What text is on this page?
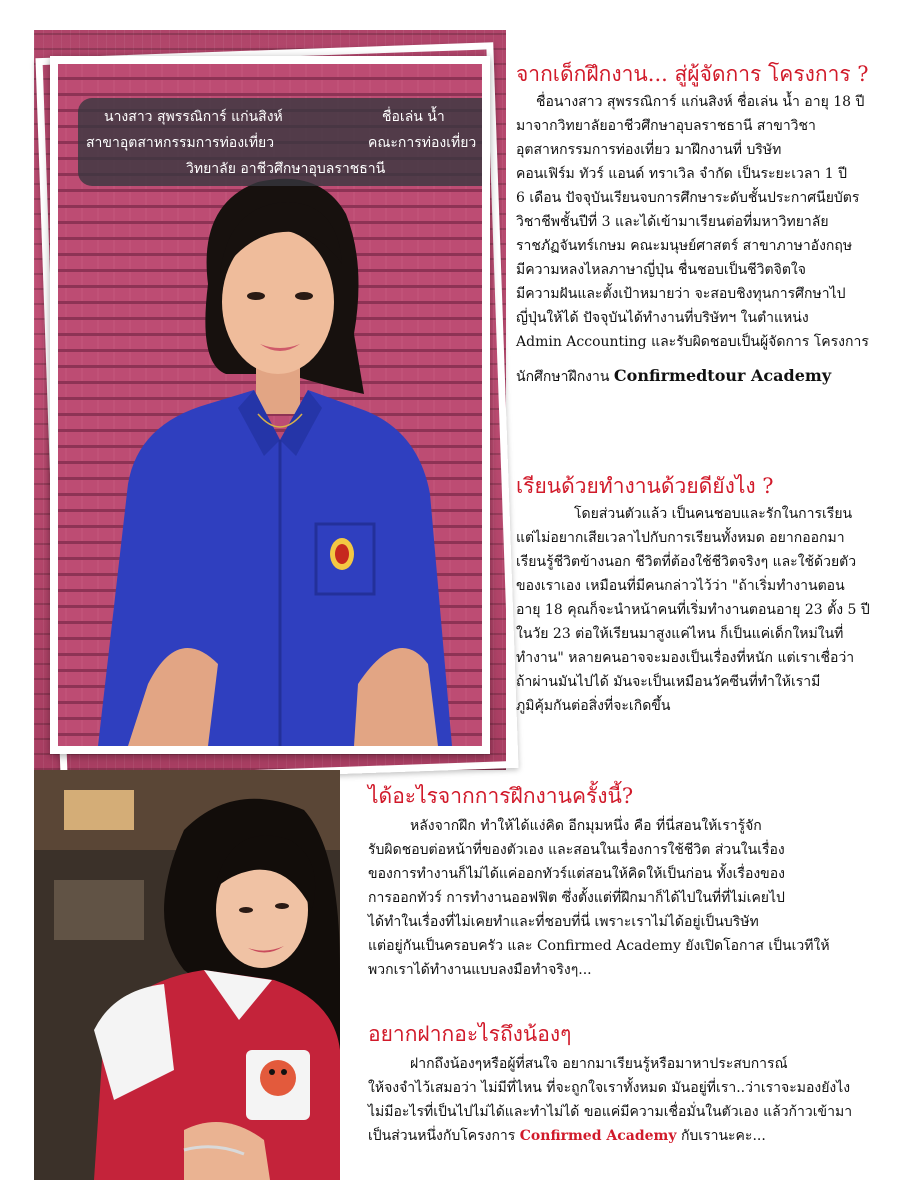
นางสาว สุพรรณิการ์ แก่นสิงห์	ชื่อเล่น น้ำ
สาขาอุตสาหกรรมการท่องเที่ยว	คณะการท่องเที่ยว
วิทยาลัย อาชีวศึกษาอุบลราชธานี
จากเด็กฝึกงาน... สู่ผู้จัดการ โครงการ ?
ชื่อนางสาว สุพรรณิการ์ แก่นสิงห์ ชื่อเล่น น้ำ อายุ 18 ปี
มาจากวิทยาลัยอาชีวศึกษาอุบลราชธานี สาขาวิชา
อุตสาหกรรมการท่องเที่ยว มาฝึกงานที่ บริษัท
คอนเฟิร์ม ทัวร์ แอนด์ ทราเวิล จำกัด เป็นระยะเวลา 1 ปี
6 เดือน ปัจจุบันเรียนจบการศึกษาระดับชั้นประกาศนียบัตร
วิชาชีพชั้นปีที่ 3 และได้เข้ามาเรียนต่อที่มหาวิทยาลัย
ราชภัฏจันทร์เกษม คณะมนุษย์ศาสตร์ สาขาภาษาอังกฤษ
มีความหลงไหลภาษาญี่ปุ่น ชื่นชอบเป็นชีวิตจิตใจ
มีความฝันและตั้งเป้าหมายว่า จะสอบชิงทุนการศึกษาไป
ญี่ปุ่นให้ได้ ปัจจุบันได้ทำงานที่บริษัทฯ ในตำแหน่ง
Admin Accounting และรับผิดชอบเป็นผู้จัดการ โครงการ
นักศึกษาฝึกงาน Confirmedtour Academy
เรียนด้วยทำงานด้วยดียังไง ?
โดยส่วนตัวแล้ว เป็นคนชอบและรักในการเรียน
แต่ไม่อยากเสียเวลาไปกับการเรียนทั้งหมด อยากออกมา
เรียนรู้ชีวิตข้างนอก ชีวิตที่ต้องใช้ชีวิตจริงๆ และใช้ด้วยตัว
ของเราเอง เหมือนที่มีคนกล่าวไว้ว่า "ถ้าเริ่มทำงานตอน
อายุ 18 คุณก็จะนำหน้าคนที่เริ่มทำงานตอนอายุ 23 ตั้ง 5 ปี
ในวัย 23 ต่อให้เรียนมาสูงแค่ไหน ก็เป็นแค่เด็กใหม่ในที่
ทำงาน" หลายคนอาจจะมองเป็นเรื่องที่หนัก แต่เราเชื่อว่า
ถ้าผ่านมันไปได้ มันจะเป็นเหมือนวัคซีนที่ทำให้เรามี
ภูมิคุ้มกันต่อสิ่งที่จะเกิดขึ้น
ได้อะไรจากการฝึกงานครั้งนี้?
หลังจากฝึก ทำให้ได้แง่คิด อีกมุมหนึ่ง คือ ที่นี่สอนให้เรารู้จัก
รับผิดชอบต่อหน้าที่ของตัวเอง และสอนในเรื่องการใช้ชีวิต ส่วนในเรื่อง
ของการทำงานก็ไม่ได้แค่ออกทัวร์แต่สอนให้คิดให้เป็นก่อน ทั้งเรื่องของ
การออกทัวร์ การทำงานออฟฟิต ซึ่งตั้งแต่ที่ฝึกมาก็ได้ไปในที่ที่ไม่เคยไป
ได้ทำในเรื่องที่ไม่เคยทำและที่ชอบที่นี่ เพราะเราไม่ได้อยู่เป็นบริษัท
แต่อยู่กันเป็นครอบครัว และ Confirmed Academy ยังเปิดโอกาส เป็นเวทีให้
พวกเราได้ทำงานแบบลงมือทำจริงๆ...
อยากฝากอะไรถึงน้องๆ
ฝากถึงน้องๆหรือผู้ที่สนใจ อยากมาเรียนรู้หรือมาหาประสบการณ์
ให้จงจำไว้เสมอว่า ไม่มีที่ไหน ที่จะถูกใจเราทั้งหมด มันอยู่ที่เรา..ว่าเราจะมองยังไง
ไม่มีอะไรที่เป็นไปไม่ได้และทำไม่ได้ ขอแค่มีความเชื่อมั่นในตัวเอง แล้วก้าวเข้ามา
เป็นส่วนหนึ่งกับโครงการ Confirmed Academy กับเรานะคะ...
